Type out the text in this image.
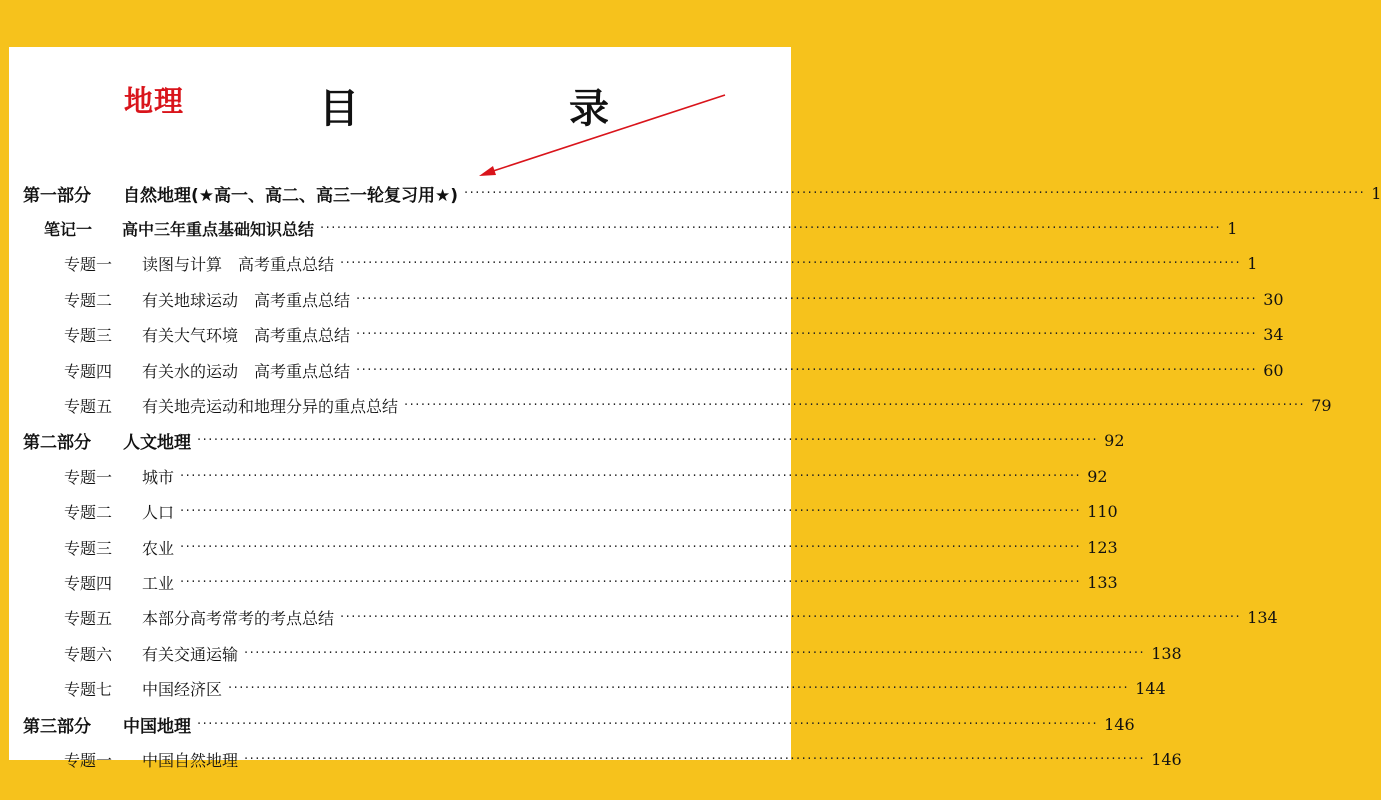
地理	目　录
第一部分 自然地理(★高一、高二、高三一轮复习用★) ································································································································································ 1
笔记一 高中三年重点基础知识总结 ································································································································································ 1
专题一 读图与计算　高考重点总结 ································································································································································ 1
专题二 有关地球运动　高考重点总结 ································································································································································ 30
专题三 有关大气环境　高考重点总结 ································································································································································ 34
专题四 有关水的运动　高考重点总结 ································································································································································ 60
专题五 有关地壳运动和地理分异的重点总结 ································································································································································ 79
第二部分 人文地理 ································································································································································ 92
专题一 城市 ································································································································································ 92
专题二 人口 ································································································································································ 110
专题三 农业 ································································································································································ 123
专题四 工业 ································································································································································ 133
专题五 本部分高考常考的考点总结 ································································································································································ 134
专题六 有关交通运输 ································································································································································ 138
专题七 中国经济区 ································································································································································ 144
第三部分 中国地理 ································································································································································ 146
专题一 中国自然地理 ································································································································································ 146
